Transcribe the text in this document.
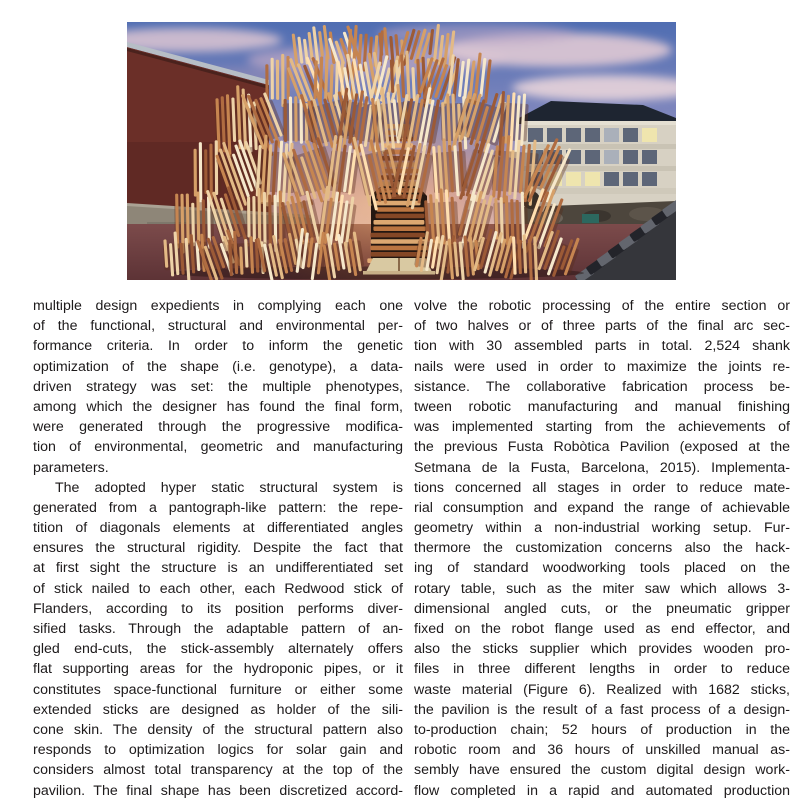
multiple design expedients in complying each one
of the functional, structural and environmental per-
formance criteria. In order to inform the genetic
optimization of the shape (i.e. genotype), a data-
driven strategy was set: the multiple phenotypes,
among which the designer has found the final form,
were generated through the progressive modifica-
tion of environmental, geometric and manufacturing
parameters.
The adopted hyper static structural system is
generated from a pantograph-like pattern: the repe-
tition of diagonals elements at differentiated angles
ensures the structural rigidity. Despite the fact that
at first sight the structure is an undifferentiated set
of stick nailed to each other, each Redwood stick of
Flanders, according to its position performs diver-
sified tasks. Through the adaptable pattern of an-
gled end-cuts, the stick-assembly alternately offers
flat supporting areas for the hydroponic pipes, or it
constitutes space-functional furniture or either some
extended sticks are designed as holder of the sili-
cone skin. The density of the structural pattern also
responds to optimization logics for solar gain and
considers almost total transparency at the top of the
pavilion. The final shape has been discretized accord-
volve the robotic processing of the entire section or
of two halves or of three parts of the final arc sec-
tion with 30 assembled parts in total. 2,524 shank
nails were used in order to maximize the joints re-
sistance. The collaborative fabrication process be-
tween robotic manufacturing and manual finishing
was implemented starting from the achievements of
the previous Fusta Robòtica Pavilion (exposed at the
Setmana de la Fusta, Barcelona, 2015). Implementa-
tions concerned all stages in order to reduce mate-
rial consumption and expand the range of achievable
geometry within a non-industrial working setup. Fur-
thermore the customization concerns also the hack-
ing of standard woodworking tools placed on the
rotary table, such as the miter saw which allows 3-
dimensional angled cuts, or the pneumatic gripper
fixed on the robot flange used as end effector, and
also the sticks supplier which provides wooden pro-
files in three different lengths in order to reduce
waste material (Figure 6). Realized with 1682 sticks,
the pavilion is the result of a fast process of a design-
to-production chain; 52 hours of production in the
robotic room and 36 hours of unskilled manual as-
sembly have ensured the custom digital design work-
flow completed in a rapid and automated production
